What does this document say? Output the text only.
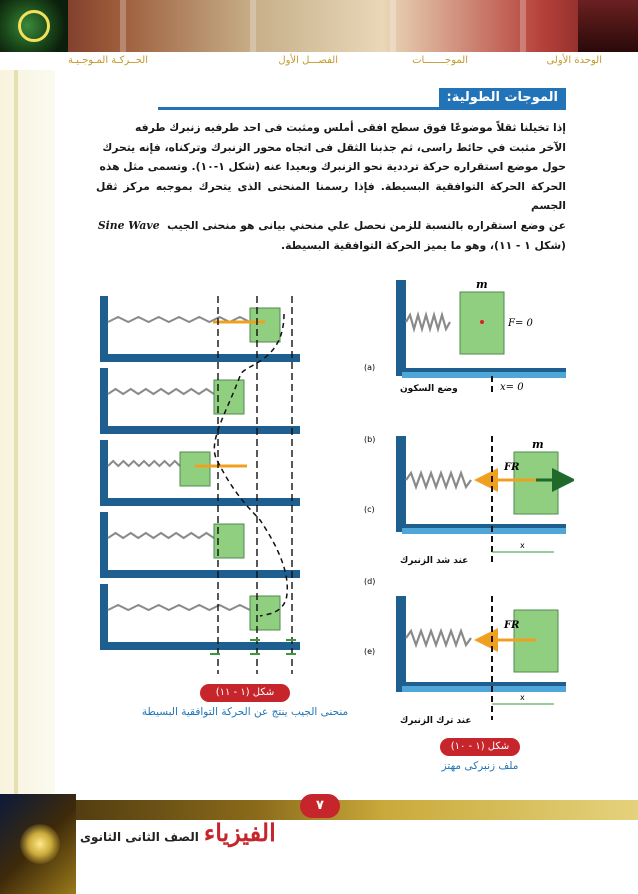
الوحدة الأولى
الموجـــــــات
الفصـــل الأول
الحــركـة المـوجـيـة
الموجات الطولية:

إذا تخيلنا ثقلاً موضوعًا فوق سطح افقى أملس ومثبت فى احد طرفيه زنبرك طرفه

الآخر مثبت في حائط راسى، ثم جذبنا الثقل فى اتجاه محور الزنبرك وتركناه، فإنه يتحرك

حول موضع استقراره حركة ترددية نحو الزنبرك وبعيدا عنه (شكل ١-١٠). وتسمى مثل هذه

الحركة الحركة التوافقية البسيطة. فإذا رسمنا المنحنى الذى يتحرك بموجبه مركز ثقل الجسم

عن وضع استقراره بالنسبة للزمن نحصل علي منحني بيانى هو منحنى الجيب  Sine Wave

(شكل ١ - ١١)، وهو ما يميز الحركة التوافقية البسيطة.

(a)
(b)
(c)
(d)
(e)
شكل (١ - ١١)
منحنى الجيب ينتج عن الحركة التوافقية البسيطة
m
F= 0
x= 0
m
FR
x
FR
x
وضع السكون
عند شد الزنبرك
عند ترك الزنبرك
شكل (١ - ١٠)
ملف زنبركى مهتز
٧
الفيزياء الصف الثانى الثانوى
